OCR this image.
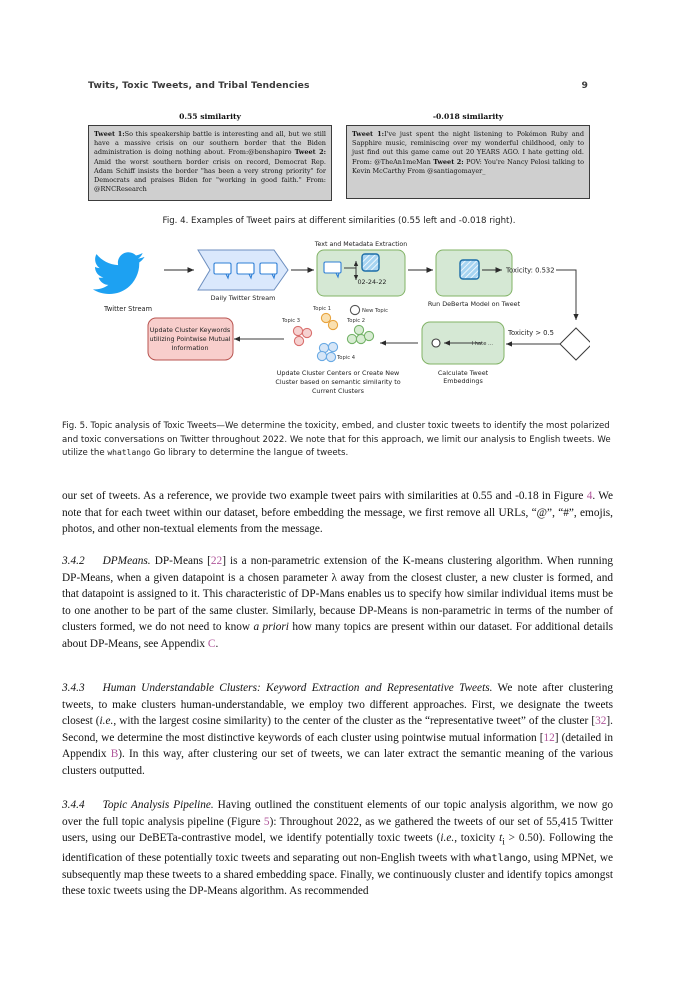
Twits, Toxic Tweets, and Tribal Tendencies	9
0.55 similarity
Tweet 1:So this speakership battle is interesting and all, but we still have a massive crisis on our southern border that the Biden administration is doing nothing about. From:@benshapiro Tweet 2: Amid the worst southern border crisis on record, Democrat Rep. Adam Schiff insists the border "has been a very strong priority" for Democrats and praises Biden for "working in good faith." From: @RNCResearch
-0.018 similarity
Tweet 1:I've just spent the night listening to Pokémon Ruby and Sapphire music, reminiscing over my wonderful childhood, only to just find out this game came out 20 YEARS AGO. I hate getting old. From: @TheAn1meMan Tweet 2: POV: You're Nancy Pelosi talking to Kevin McCarthy From @santiagomayer_
Fig. 4. Examples of Tweet pairs at different similarities (0.55 left and -0.018 right).
Twitter Stream
Daily Twitter Stream
Text and Metadata Extraction
02-24-22
Run DeBerta Model on Tweet
Toxicity: 0.532
Toxicity > 0.5
I hate ...
Calculate Tweet
Embeddings
Topic 1	New Topic
Topic 3	Topic 2
Topic 4
Update Cluster Centers or Create New
Cluster based on semantic similarity to
Current Clusters
Update Cluster Keywords
utilizing Pointwise Mutual
Information
Fig. 5. Topic analysis of Toxic Tweets—We determine the toxicity, embed, and cluster toxic tweets to identify the most polarized and toxic conversations on Twitter throughout 2022. We note that for this approach, we limit our analysis to English tweets. We utilize the whatlango Go library to determine the langue of tweets.

our set of tweets. As a reference, we provide two example tweet pairs with similarities at 0.55 and -0.18 in Figure 4. We note that for each tweet within our dataset, before embedding the message, we first remove all URLs, “@”, “#”, emojis, photos, and other non-textual elements from the message.

3.4.2 DPMeans. DP-Means [22] is a non-parametric extension of the K-means clustering algorithm. When running DP-Means, when a given datapoint is a chosen parameter λ away from the closest cluster, a new cluster is formed, and that datapoint is assigned to it. This characteristic of DP-Mans enables us to specify how similar individual items must be to one another to be part of the same cluster. Similarly, because DP-Means is non-parametric in terms of the number of clusters formed, we do not need to know a priori how many topics are present within our dataset. For additional details about DP-Means, see Appendix C.

3.4.3 Human Understandable Clusters: Keyword Extraction and Representative Tweets. We note after clustering tweets, to make clusters human-understandable, we employ two different approaches. First, we designate the tweets closest (i.e., with the largest cosine similarity) to the center of the cluster as the “representative tweet” of the cluster [32]. Second, we determine the most distinctive keywords of each cluster using pointwise mutual information [12] (detailed in Appendix B). In this way, after clustering our set of tweets, we can later extract the semantic meaning of the various clusters outputted.

3.4.4 Topic Analysis Pipeline. Having outlined the constituent elements of our topic analysis algorithm, we now go over the full topic analysis pipeline (Figure 5): Throughout 2022, as we gathered the tweets of our set of 55,415 Twitter users, using our DeBETa-contrastive model, we identify potentially toxic tweets (i.e., toxicity $t_i > 0.50$). Following the identification of these potentially toxic tweets and separating out non-English tweets with whatlango, using MPNet, we subsequently map these tweets to a shared embedding space. Finally, we continuously cluster and identify topics amongst these toxic tweets using the DP-Means algorithm. As recommended
